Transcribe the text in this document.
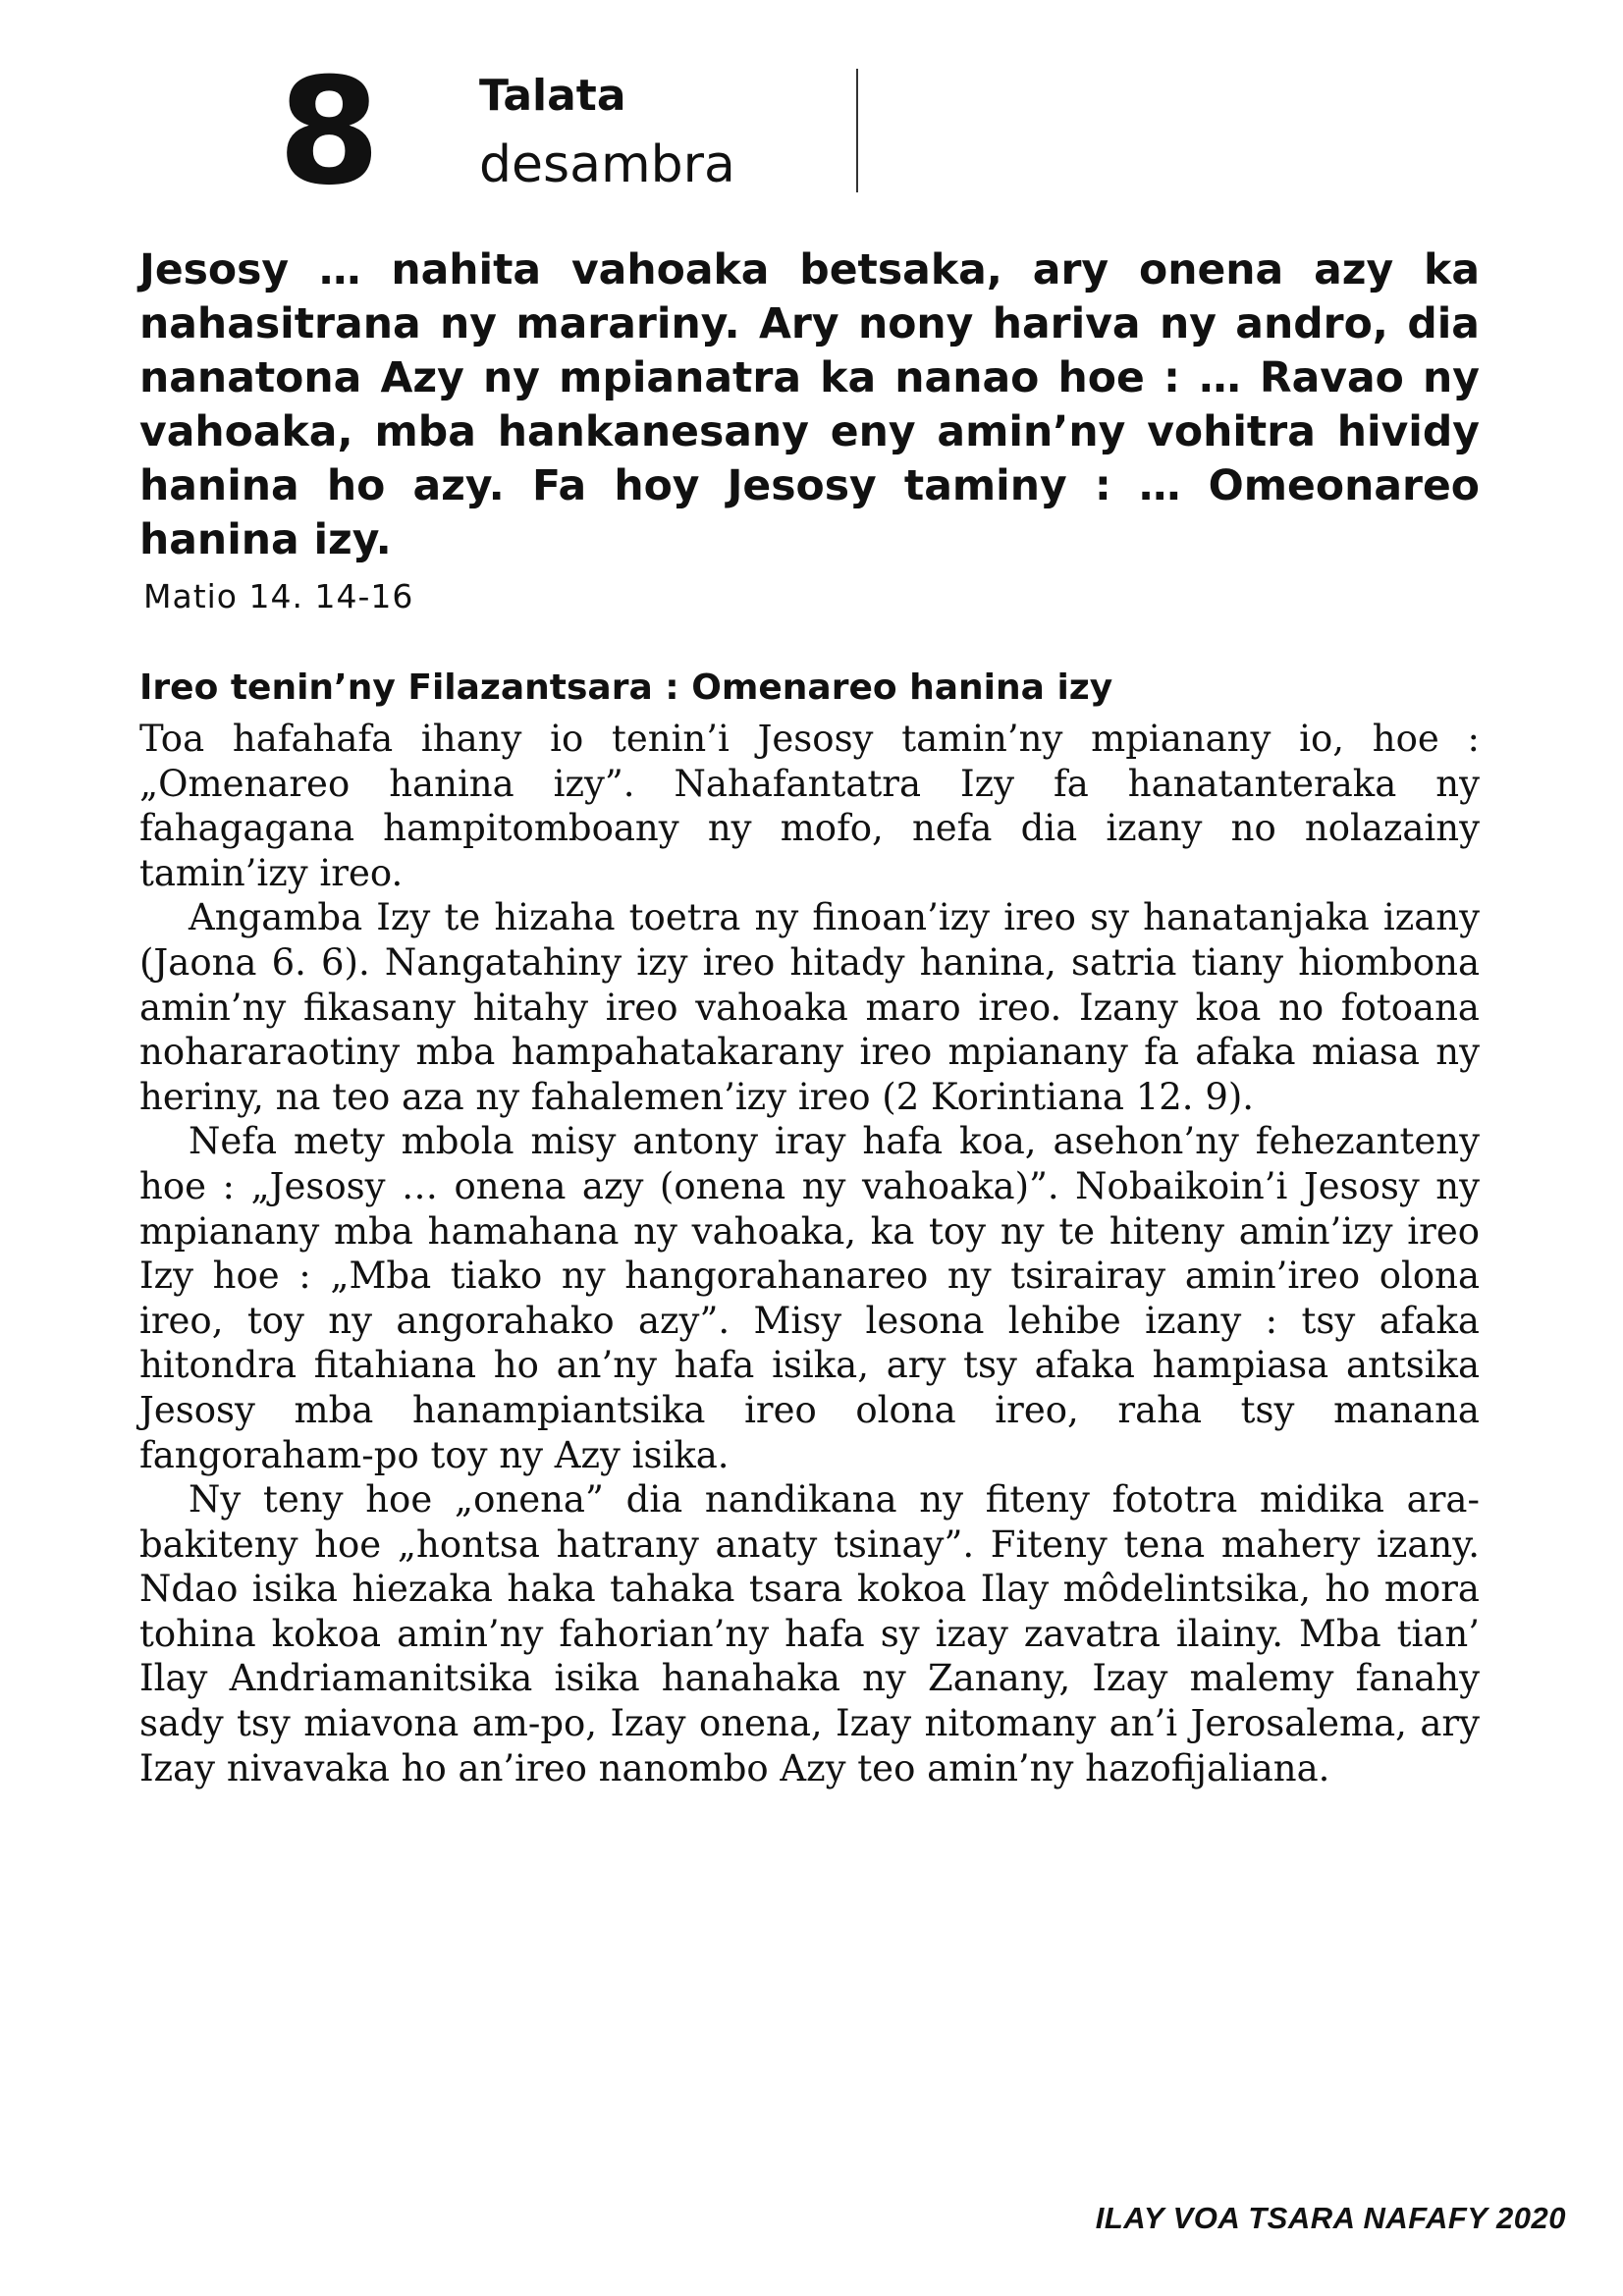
8 Talata
desambra

Jesosy … nahita vahoaka betsaka, ary onena azy ka nahasitrana ny marariny. Ary nony hariva ny andro, dia nanatona Azy ny mpianatra ka nanao hoe : … Ravao ny vahoaka, mba hankanesany eny amin’ny vohitra hividy hanina ho azy. Fa hoy Jesosy taminy : … Omeonareo hanina izy.

Matio 14. 14-16
Ireo tenin’ny Filazantsara : Omenareo hanina izy

Toa hafahafa ihany io tenin’i Jesosy tamin’ny mpianany io, hoe : „Omenareo hanina izy”. Nahafantatra Izy fa hanatanteraka ny fahagagana hampitomboany ny mofo, nefa dia izany no nolazainy tamin’izy ireo.

Angamba Izy te hizaha toetra ny finoan’izy ireo sy hanatanjaka izany (Jaona 6. 6). Nangatahiny izy ireo hitady hanina, satria tiany hiombona amin’ny fikasany hitahy ireo vahoaka maro ireo. Izany koa no fotoana nohararaotiny mba hampahatakarany ireo mpianany fa afaka miasa ny heriny, na teo aza ny fahalemen’izy ireo (2 Korintiana 12. 9).

Nefa mety mbola misy antony iray hafa koa, asehon’ny fehezanteny hoe : „Jesosy … onena azy (onena ny vahoaka)”. Nobaikoin’i Jesosy ny mpianany mba hamahana ny vahoaka, ka toy ny te hiteny amin’izy ireo Izy hoe : „Mba tiako ny hangorahanareo ny tsirairay amin’ireo olona ireo, toy ny angorahako azy”. Misy lesona lehibe izany : tsy afaka hitondra fitahiana ho an’ny hafa isika, ary tsy afaka hampiasa antsika Jesosy mba hanampiantsika ireo olona ireo, raha tsy manana fangoraham-po toy ny Azy isika.

Ny teny hoe „onena” dia nandikana ny fiteny fototra midika ara-bakiteny hoe „hontsa hatrany anaty tsinay”. Fiteny tena mahery izany. Ndao isika hiezaka haka tahaka tsara kokoa Ilay môdelintsika, ho mora tohina kokoa amin’ny fahorian’ny hafa sy izay zavatra ilainy. Mba tian’ Ilay Andriamanitsika isika hanahaka ny Zanany, Izay malemy fanahy sady tsy miavona am-po, Izay onena, Izay nitomany an’i Jerosalema, ary Izay nivavaka ho an’ireo nanombo Azy teo amin’ny hazofijaliana.

ILAY VOA TSARA NAFAFY 2020
